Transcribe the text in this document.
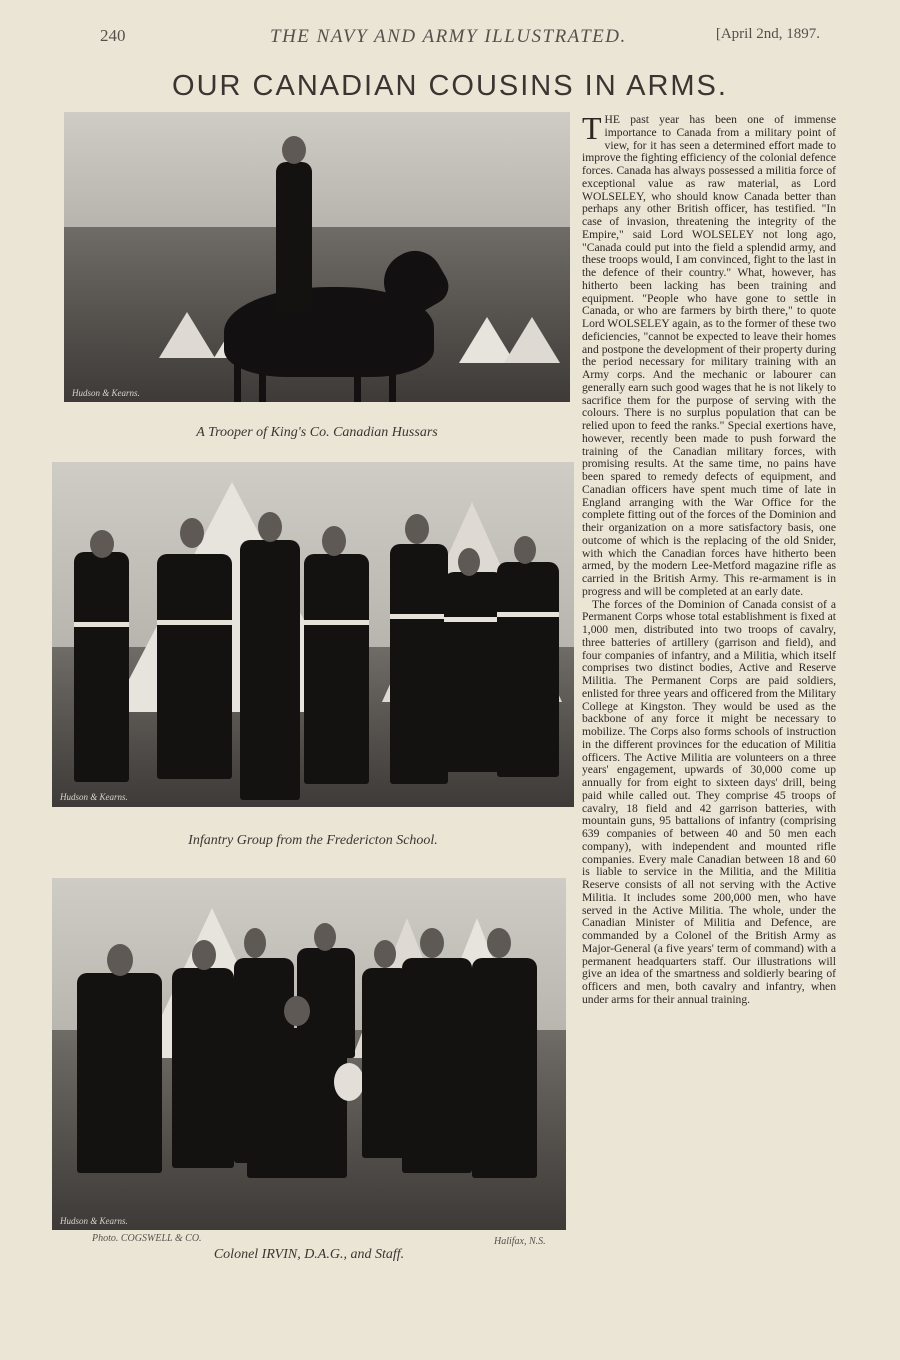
240	THE NAVY AND ARMY ILLUSTRATED.	[April 2nd, 1897.
OUR CANADIAN COUSINS IN ARMS.
Hudson & Kearns.
A Trooper of King's Co. Canadian Hussars
Hudson & Kearns.
Infantry Group from the Fredericton School.
Hudson & Kearns.
Photo. COGSWELL & CO.	Halifax, N.S.
Colonel IRVIN, D.A.G., and Staff.

THE past year has been one of immense importance to Canada from a military point of view, for it has seen a determined effort made to improve the fighting efficiency of the colonial defence forces. Canada has always possessed a militia force of exceptional value as raw material, as Lord WOLSELEY, who should know Canada better than perhaps any other British officer, has testified. "In case of invasion, threatening the integrity of the Empire," said Lord WOLSELEY not long ago, "Canada could put into the field a splendid army, and these troops would, I am convinced, fight to the last in the defence of their country." What, however, has hitherto been lacking has been training and equipment. "People who have gone to settle in Canada, or who are farmers by birth there," to quote Lord WOLSELEY again, as to the former of these two deficiencies, "cannot be expected to leave their homes and postpone the development of their property during the period necessary for military training with an Army corps. And the mechanic or labourer can generally earn such good wages that he is not likely to sacrifice them for the purpose of serving with the colours. There is no surplus population that can be relied upon to feed the ranks." Special exertions have, however, recently been made to push forward the training of the Canadian military forces, with promising results. At the same time, no pains have been spared to remedy defects of equipment, and Canadian officers have spent much time of late in England arranging with the War Office for the complete fitting out of the forces of the Dominion and their organization on a more satisfactory basis, one outcome of which is the replacing of the old Snider, with which the Canadian forces have hitherto been armed, by the modern Lee-Metford magazine rifle as carried in the British Army. This re-armament is in progress and will be completed at an early date.

The forces of the Dominion of Canada consist of a Permanent Corps whose total establishment is fixed at 1,000 men, distributed into two troops of cavalry, three batteries of artillery (garrison and field), and four companies of infantry, and a Militia, which itself comprises two distinct bodies, Active and Reserve Militia. The Permanent Corps are paid soldiers, enlisted for three years and officered from the Military College at Kingston. They would be used as the backbone of any force it might be necessary to mobilize. The Corps also forms schools of instruction in the different provinces for the education of Militia officers. The Active Militia are volunteers on a three years' engagement, upwards of 30,000 come up annually for from eight to sixteen days' drill, being paid while called out. They comprise 45 troops of cavalry, 18 field and 42 garrison batteries, with mountain guns, 95 battalions of infantry (comprising 639 companies of between 40 and 50 men each company), with independent and mounted rifle companies. Every male Canadian between 18 and 60 is liable to service in the Militia, and the Militia Reserve consists of all not serving with the Active Militia. It includes some 200,000 men, who have served in the Active Militia. The whole, under the Canadian Minister of Militia and Defence, are commanded by a Colonel of the British Army as Major-General (a five years' term of command) with a permanent headquarters staff. Our illustrations will give an idea of the smartness and soldierly bearing of officers and men, both cavalry and infantry, when under arms for their annual training.
